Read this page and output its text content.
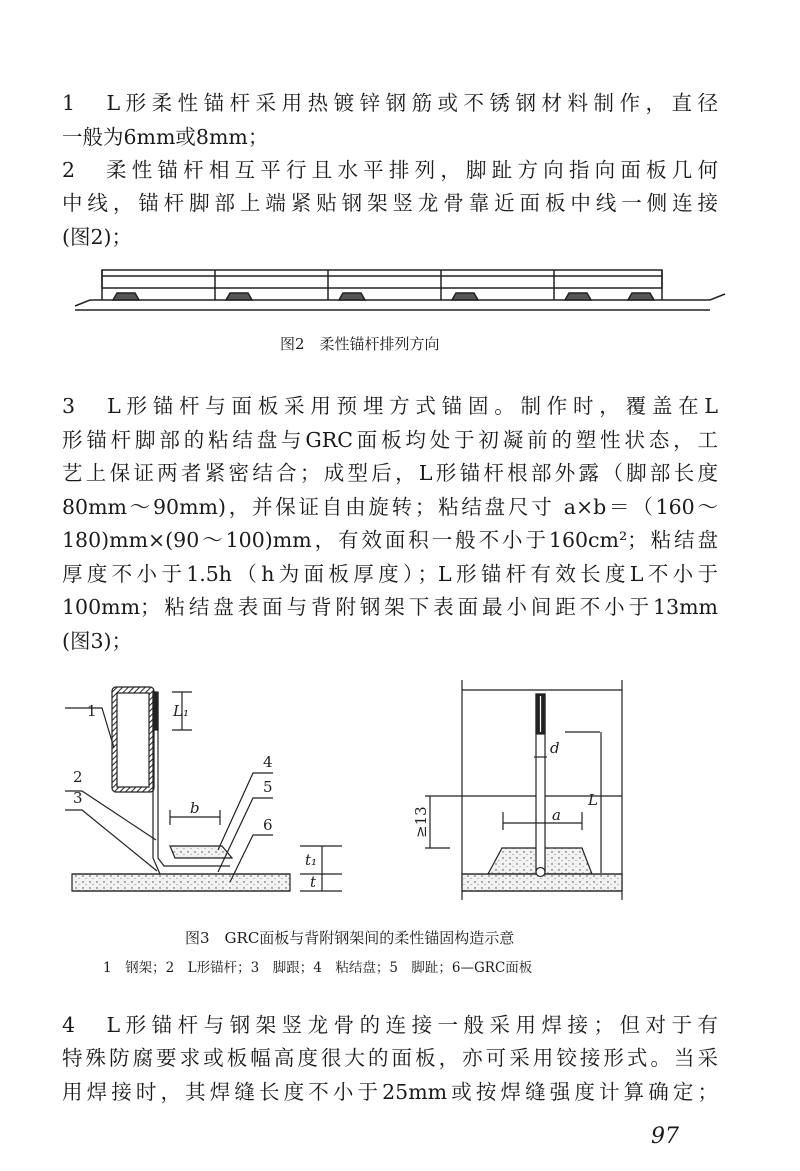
1　L形柔性锚杆采用热镀锌钢筋或不锈钢材料制作，直径
一般为6mm或8mm；
2　柔性锚杆相互平行且水平排列，脚趾方向指向面板几何
中线，锚杆脚部上端紧贴钢架竖龙骨靠近面板中线一侧连接
(图2)；
图2　柔性锚杆排列方向
3　L形锚杆与面板采用预埋方式锚固。制作时，覆盖在L
形锚杆脚部的粘结盘与GRC面板均处于初凝前的塑性状态，工
艺上保证两者紧密结合；成型后，L形锚杆根部外露（脚部长度
80mm～90mm)，并保证自由旋转；粘结盘尺寸 a×b＝（160～
180)mm×(90～100)mm，有效面积一般不小于160cm²；粘结盘
厚度不小于1.5h（h为面板厚度）；L形锚杆有效长度L不小于
100mm；粘结盘表面与背附钢架下表面最小间距不小于13mm
(图3)；
1
2
3
4
5
6
b
L₁
t₁
t
a
d
L
≥13
图3　GRC面板与背附钢架间的柔性锚固构造示意
1　钢架；2　L形锚杆；3　脚跟；4　粘结盘；5　脚趾；6—GRC面板
4　L形锚杆与钢架竖龙骨的连接一般采用焊接；但对于有
特殊防腐要求或板幅高度很大的面板，亦可采用铰接形式。当采
用焊接时，其焊缝长度不小于25mm或按焊缝强度计算确定；
97
